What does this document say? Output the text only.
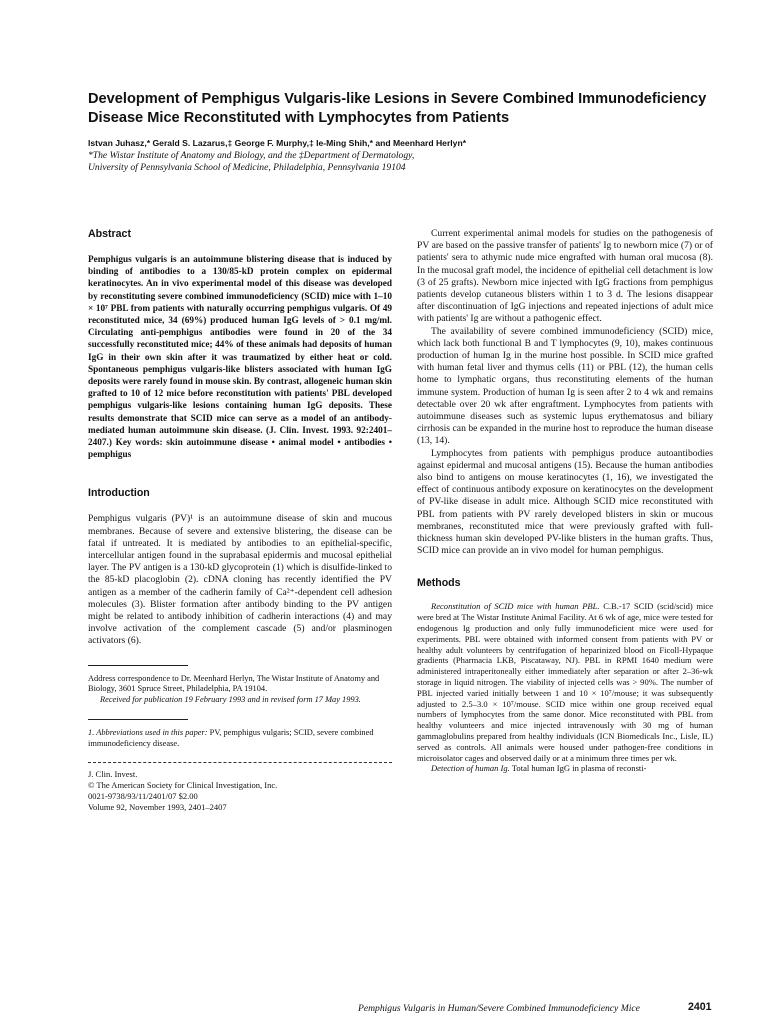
Development of Pemphigus Vulgaris-like Lesions in Severe Combined Immunodeficiency Disease Mice Reconstituted with Lymphocytes from Patients
Istvan Juhasz,* Gerald S. Lazarus,‡ George F. Murphy,‡ Ie-Ming Shih,* and Meenhard Herlyn*
*The Wistar Institute of Anatomy and Biology, and the ‡Department of Dermatology,
University of Pennsylvania School of Medicine, Philadelphia, Pennsylvania 19104
Abstract

Pemphigus vulgaris is an autoimmune blistering disease that is induced by binding of antibodies to a 130/85-kD protein complex on epidermal keratinocytes. An in vivo experimental model of this disease was developed by reconstituting severe combined immunodeficiency (SCID) mice with 1–10 × 10⁷ PBL from patients with naturally occurring pemphigus vulgaris. Of 49 reconstituted mice, 34 (69%) produced human IgG levels of > 0.1 mg/ml. Circulating anti-pemphigus antibodies were found in 20 of the 34 successfully reconstituted mice; 44% of these animals had deposits of human IgG in their own skin after it was traumatized by either heat or cold. Spontaneous pemphigus vulgaris-like blisters associated with human IgG deposits were rarely found in mouse skin. By contrast, allogeneic human skin grafted to 10 of 12 mice before reconstitution with patients' PBL developed pemphigus vulgaris-like lesions containing human IgG deposits. These results demonstrate that SCID mice can serve as a model of an antibody-mediated human autoimmune skin disease. (J. Clin. Invest. 1993. 92:2401–2407.) Key words: skin autoimmune disease • animal model • antibodies • pemphigus

Introduction

Pemphigus vulgaris (PV)¹ is an autoimmune disease of skin and mucous membranes. Because of severe and extensive blistering, the disease can be fatal if untreated. It is mediated by antibodies to an epithelial-specific, intercellular antigen found in the suprabasal epidermis and mucosal epithelial layer. The PV antigen is a 130-kD glycoprotein (1) which is disulfide-linked to the 85-kD placoglobin (2). cDNA cloning has recently identified the PV antigen as a member of the cadherin family of Ca²⁺-dependent cell adhesion molecules (3). Blister formation after antibody binding to the PV antigen might be related to antibody inhibition of cadherin interactions (4) and may involve activation of the complement cascade (5) and/or plasminogen activators (6).

Address correspondence to Dr. Meenhard Herlyn, The Wistar Institute of Anatomy and Biology, 3601 Spruce Street, Philadelphia, PA 19104.

Received for publication 19 February 1993 and in revised form 17 May 1993.

1. Abbreviations used in this paper: PV, pemphigus vulgaris; SCID, severe combined immunodeficiency disease.

J. Clin. Invest.
© The American Society for Clinical Investigation, Inc.
0021-9738/93/11/2401/07 $2.00
Volume 92, November 1993, 2401–2407

Current experimental animal models for studies on the pathogenesis of PV are based on the passive transfer of patients' Ig to newborn mice (7) or of patients' sera to athymic nude mice engrafted with human oral mucosa (8). In the mucosal graft model, the incidence of epithelial cell detachment is low (3 of 25 grafts). Newborn mice injected with IgG fractions from pemphigus patients develop cutaneous blisters within 1 to 3 d. The lesions disappear after discontinuation of IgG injections and repeated injections of adult mice with patients' Ig are without a pathogenic effect.

The availability of severe combined immunodeficiency (SCID) mice, which lack both functional B and T lymphocytes (9, 10), makes continuous production of human Ig in the murine host possible. In SCID mice grafted with human fetal liver and thymus cells (11) or PBL (12), the human cells home to lymphatic organs, thus reconstituting elements of the human immune system. Production of human Ig is seen after 2 to 4 wk and remains detectable over 20 wk after engraftment. Lymphocytes from patients with autoimmune diseases such as systemic lupus erythematosus and biliary cirrhosis can be expanded in the murine host to reproduce the human disease (13, 14).

Lymphocytes from patients with pemphigus produce autoantibodies against epidermal and mucosal antigens (15). Because the human antibodies also bind to antigens on mouse keratinocytes (1, 16), we investigated the effect of continuous antibody exposure on keratinocytes on the development of PV-like disease in adult mice. Although SCID mice reconstituted with PBL from patients with PV rarely developed blisters in skin or mucous membranes, reconstituted mice that were previously grafted with full-thickness human skin developed PV-like blisters in the human grafts. Thus, SCID mice can provide an in vivo model for human pemphigus.

Methods

Reconstitution of SCID mice with human PBL. C.B.-17 SCID (scid/scid) mice were bred at The Wistar Institute Animal Facility. At 6 wk of age, mice were tested for endogenous Ig production and only fully immunodeficient mice were used for experiments. PBL were obtained with informed consent from patients with PV or healthy adult volunteers by centrifugation of heparinized blood on Ficoll-Hypaque gradients (Pharmacia LKB, Piscataway, NJ). PBL in RPMI 1640 medium were administered intraperitoneally either immediately after separation or after 2–36-wk storage in liquid nitrogen. The viability of injected cells was > 90%. The number of PBL injected varied initially between 1 and 10 × 10⁷/mouse; it was subsequently adjusted to 2.5–3.0 × 10⁷/mouse. SCID mice within one group received equal numbers of lymphocytes from the same donor. Mice reconstituted with PBL from healthy volunteers and mice injected intravenously with 30 mg of human gammaglobulins prepared from healthy individuals (ICN Biomedicals Inc., Lisle, IL) served as controls. All animals were housed under pathogen-free conditions in microisolator cages and observed daily or at a minimum three times per wk.

Detection of human Ig. Total human IgG in plasma of reconsti-

Pemphigus Vulgaris in Human/Severe Combined Immunodeficiency Mice	2401
